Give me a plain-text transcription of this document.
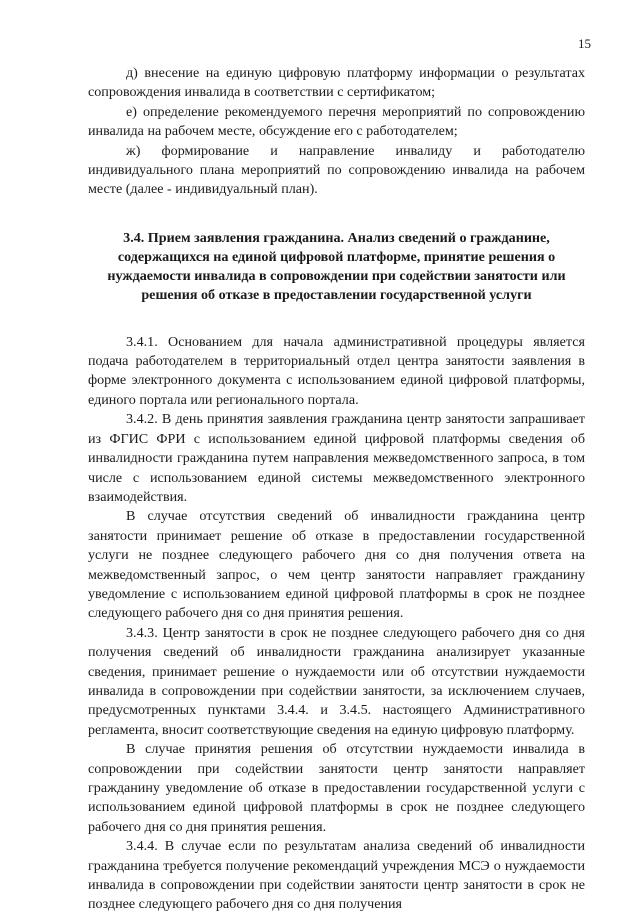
15

д) внесение на единую цифровую платформу информации о результатах сопровождения инвалида в соответствии с сертификатом;

е) определение рекомендуемого перечня мероприятий по сопровождению инвалида на рабочем месте, обсуждение его с работодателем;

ж) формирование и направление инвалиду и работодателю индивидуального плана мероприятий по сопровождению инвалида на рабочем месте (далее - индивидуальный план).

3.4. Прием заявления гражданина. Анализ сведений о гражданине, содержащихся на единой цифровой платформе, принятие решения о нуждаемости инвалида в сопровождении при содействии занятости или решения об отказе в предоставлении государственной услуги

3.4.1. Основанием для начала административной процедуры является подача работодателем в территориальный отдел центра занятости заявления в форме электронного документа с использованием единой цифровой платформы, единого портала или регионального портала.

3.4.2. В день принятия заявления гражданина центр занятости запрашивает из ФГИС ФРИ с использованием единой цифровой платформы сведения об инвалидности гражданина путем направления межведомственного запроса, в том числе с использованием единой системы межведомственного электронного взаимодействия.

В случае отсутствия сведений об инвалидности гражданина центр занятости принимает решение об отказе в предоставлении государственной услуги не позднее следующего рабочего дня со дня получения ответа на межведомственный запрос, о чем центр занятости направляет гражданину уведомление с использованием единой цифровой платформы в срок не позднее следующего рабочего дня со дня принятия решения.

3.4.3. Центр занятости в срок не позднее следующего рабочего дня со дня получения сведений об инвалидности гражданина анализирует указанные сведения, принимает решение о нуждаемости или об отсутствии нуждаемости инвалида в сопровождении при содействии занятости, за исключением случаев, предусмотренных пунктами 3.4.4. и 3.4.5. настоящего Административного регламента, вносит соответствующие сведения на единую цифровую платформу.

В случае принятия решения об отсутствии нуждаемости инвалида в сопровождении при содействии занятости центр занятости направляет гражданину уведомление об отказе в предоставлении государственной услуги с использованием единой цифровой платформы в срок не позднее следующего рабочего дня со дня принятия решения.

3.4.4. В случае если по результатам анализа сведений об инвалидности гражданина требуется получение рекомендаций учреждения МСЭ о нуждаемости инвалида в сопровождении при содействии занятости центр занятости в срок не позднее следующего рабочего дня со дня получения
